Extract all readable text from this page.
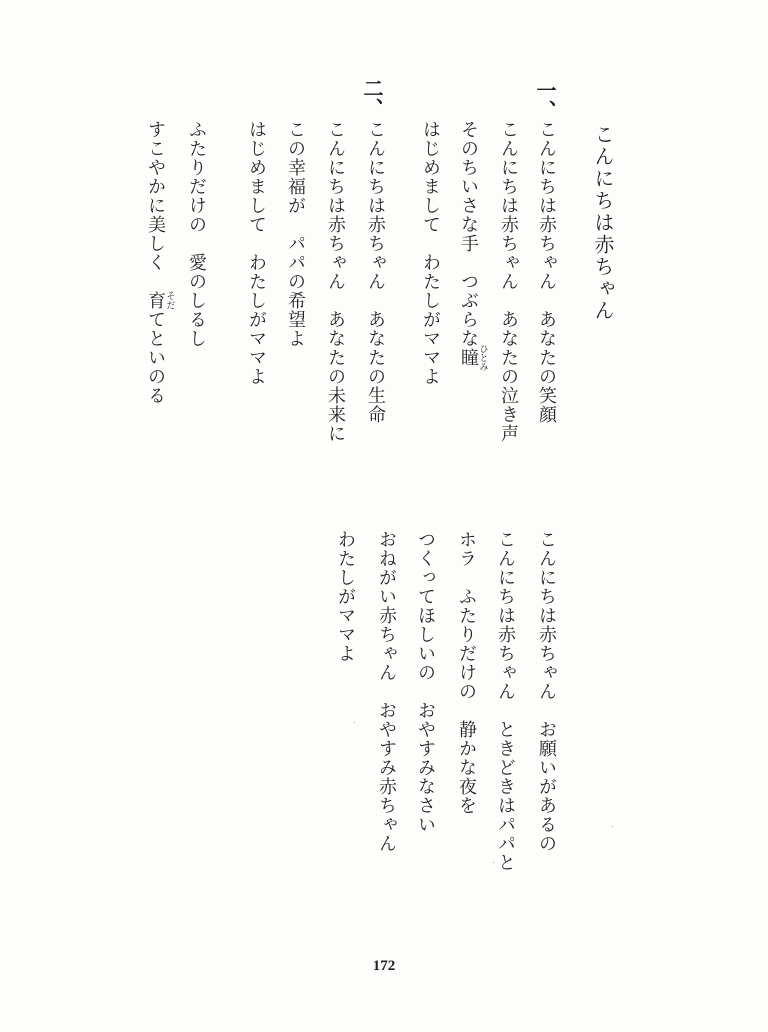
こんにちは赤ちゃん
一、
こんにちは赤ちゃん　あなたの笑顔
こんにちは赤ちゃん　あなたの泣き声
そのちいさな手　つぶらな瞳ひとみ
はじめまして　わたしがママよ
二、
こんにちは赤ちゃん　あなたの生命
こんにちは赤ちゃん　あなたの未来に
この幸福が　パパの希望よ
はじめまして　わたしがママよ
ふたりだけの　愛のしるし
すこやかに美しく　育そだてといのる
こんにちは赤ちゃん　お願いがあるの
こんにちは赤ちゃん　ときどきはパパと
ホラ　ふたりだけの　静かな夜を
つくってほしいの　おやすみなさい
おねがい赤ちゃん　おやすみ赤ちゃん
わたしがママよ
172
